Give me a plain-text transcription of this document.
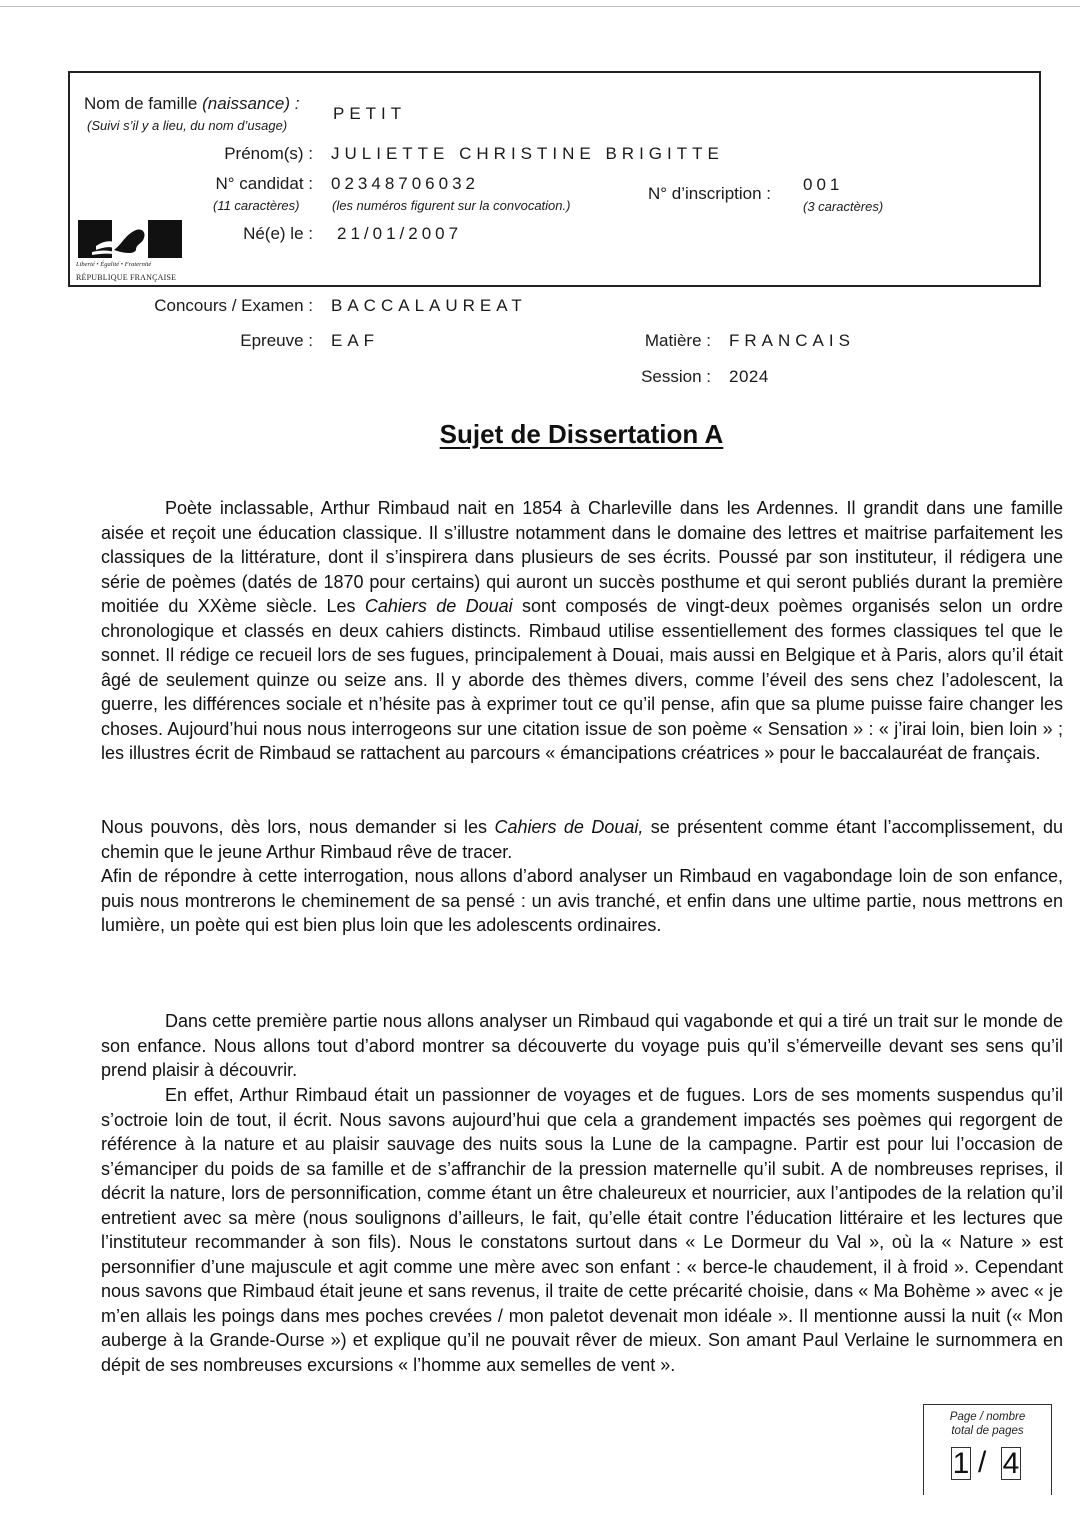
Nom de famille (naissance) :
(Suivi s’il y a lieu, du nom d’usage)
PETIT
Prénom(s) : JULIETTE CHRISTINE BRIGITTE
N° candidat :
(11 caractères)
02348706032
(les numéros figurent sur la convocation.)
N° d’inscription : 001
(3 caractères)
Né(e) le : 21/01/2007
Liberté • Égalité • Fraternité
RÉPUBLIQUE FRANÇAISE
Concours / Examen : BACCALAUREAT
Epreuve : EAF	Matière : FRANCAIS
Session : 2024
Sujet de Dissertation A

Poète inclassable, Arthur Rimbaud nait en 1854 à Charleville dans les Ardennes. Il grandit dans une famille aisée et reçoit une éducation classique. Il s’illustre notamment dans le domaine des lettres et maitrise parfaitement les classiques de la littérature, dont il s’inspirera dans plusieurs de ses écrits. Poussé par son instituteur, il rédigera une série de poèmes (datés de 1870 pour certains) qui auront un succès posthume et qui seront publiés durant la première moitiée du XXème siècle. Les Cahiers de Douai sont composés de vingt-deux poèmes organisés selon un ordre chronologique et classés en deux cahiers distincts. Rimbaud utilise essentiellement des formes classiques tel que le sonnet. Il rédige ce recueil lors de ses fugues, principalement à Douai, mais aussi en Belgique et à Paris, alors qu’il était âgé de seulement quinze ou seize ans. Il y aborde des thèmes divers, comme l’éveil des sens chez l’adolescent, la guerre, les différences sociale et n’hésite pas à exprimer tout ce qu’il pense, afin que sa plume puisse faire changer les choses. Aujourd’hui nous nous interrogeons sur une citation issue de son poème « Sensation » : « j’irai loin, bien loin » ; les illustres écrit de Rimbaud se rattachent au parcours « émancipations créatrices » pour le baccalauréat de français.

Nous pouvons, dès lors, nous demander si les Cahiers de Douai, se présentent comme étant l’accomplissement, du chemin que le jeune Arthur Rimbaud rêve de tracer.

Afin de répondre à cette interrogation, nous allons d’abord analyser un Rimbaud en vagabondage loin de son enfance, puis nous montrerons le cheminement de sa pensé : un avis tranché, et enfin dans une ultime partie, nous mettrons en lumière, un poète qui est bien plus loin que les adolescents ordinaires.

Dans cette première partie nous allons analyser un Rimbaud qui vagabonde et qui a tiré un trait sur le monde de son enfance. Nous allons tout d’abord montrer sa découverte du voyage puis qu’il s’émerveille devant ses sens qu’il prend plaisir à découvrir.

En effet, Arthur Rimbaud était un passionner de voyages et de fugues. Lors de ses moments suspendus qu’il s’octroie loin de tout, il écrit. Nous savons aujourd’hui que cela a grandement impactés ses poèmes qui regorgent de référence à la nature et au plaisir sauvage des nuits sous la Lune de la campagne. Partir est pour lui l’occasion de s’émanciper du poids de sa famille et de s’affranchir de la pression maternelle qu’il subit. A de nombreuses reprises, il décrit la nature, lors de personnification, comme étant un être chaleureux et nourricier, aux l’antipodes de la relation qu’il entretient avec sa mère (nous soulignons d’ailleurs, le fait, qu’elle était contre l’éducation littéraire et les lectures que l’instituteur recommander à son fils). Nous le constatons surtout dans « Le Dormeur du Val », où la « Nature » est personnifier d’une majuscule et agit comme une mère avec son enfant : « berce-le chaudement, il à froid ». Cependant nous savons que Rimbaud était jeune et sans revenus, il traite de cette précarité choisie, dans « Ma Bohème » avec « je m’en allais les poings dans mes poches crevées / mon paletot devenait mon idéale ». Il mentionne aussi la nuit (« Mon auberge à la Grande-Ourse ») et explique qu’il ne pouvait rêver de mieux. Son amant Paul Verlaine le surnommera en dépit de ses nombreuses excursions « l’homme aux semelles de vent ».

Page / nombre
total de pages
1 / 4
